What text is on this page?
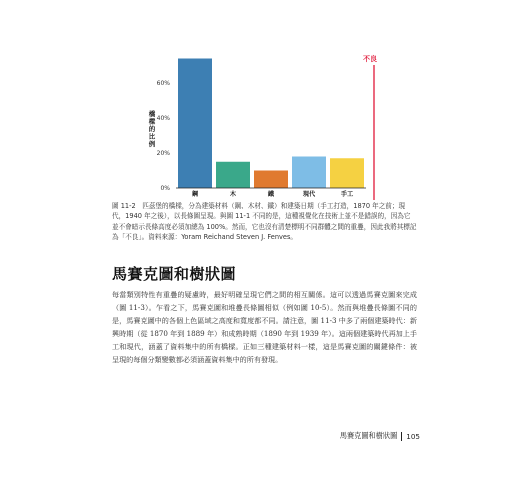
橋
樑
的
比
例
0%
20%
40%
60%
鋼	木	鐵	現代	手工
不良

圖 11-2　匹茲堡的橋樑，分為建築材料（鋼、木材、鐵）和建築日期（手工打造，1870 年之前；現代，1940 年之後），以長條圖呈現。與圖 11-1 不同的是，這種視覺化在技術上並不是錯誤的，因為它並不會暗示長條高度必須加總為 100%。然而，它也沒有清楚標明不同群體之間的重疊，因此我將其標記為「不良」。資料來源：Yoram Reichand Steven J. Fenves。

馬賽克圖和樹狀圖

每當類別特性有重疊的疑慮時，最好明確呈現它們之間的相互關係。這可以透過馬賽克圖來完成（圖 11-3）。乍看之下，馬賽克圖和堆疊長條圖相似（例如圖 10-5）。然而與堆疊長條圖不同的是，馬賽克圖中的各個上色區域之高度和寬度都不同。請注意，圖 11-3 中多了兩個建築時代：新興時期（從 1870 年到 1889 年）和成熟時期（1890 年到 1939 年）。這兩個建築時代再加上手工和現代，涵蓋了資料集中的所有橋樑。正如三種建築材料一樣，這是馬賽克圖的關鍵條件：被呈現的每個分類變數都必須涵蓋資料集中的所有發現。

馬賽克圖和樹狀圖 105
